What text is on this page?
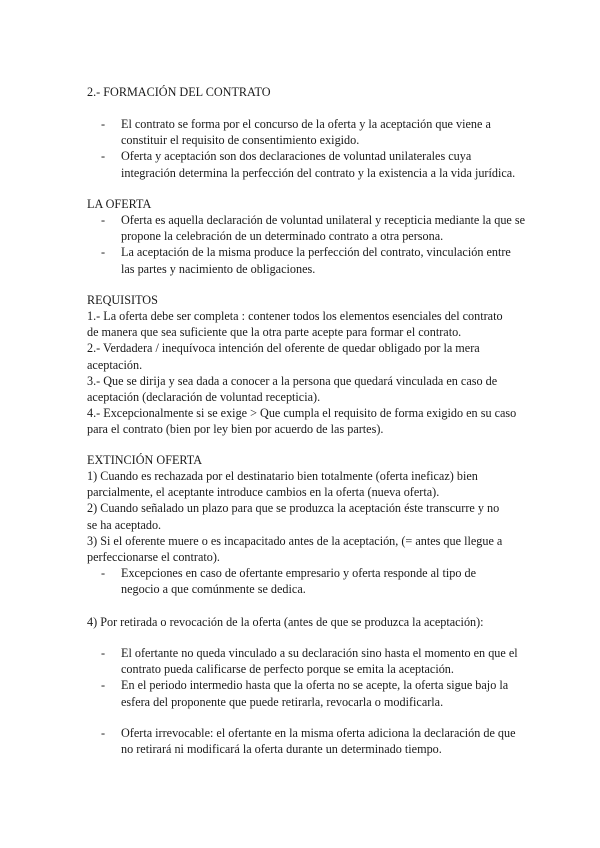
2.- FORMACIÓN DEL CONTRATO
- El contrato se forma por el concurso de la oferta y la aceptación que viene a constituir el requisito de consentimiento exigido.
- Oferta y aceptación son dos declaraciones de voluntad unilaterales cuya integración determina la perfección del contrato y la existencia a la vida jurídica.
LA OFERTA
- Oferta es aquella declaración de voluntad unilateral y recepticia mediante la que se propone la celebración de un determinado contrato a otra persona.
- La aceptación de la misma produce la perfección del contrato, vinculación entre las partes y nacimiento de obligaciones.
REQUISITOS

1.- La oferta debe ser completa : contener todos los elementos esenciales del contrato de manera que sea suficiente que la otra parte acepte para formar el contrato.

2.- Verdadera / inequívoca intención del oferente de quedar obligado por la mera aceptación.

3.- Que se dirija y sea dada a conocer a la persona que quedará vinculada en caso de aceptación (declaración de voluntad recepticia).

4.- Excepcionalmente si se exige > Que cumpla el requisito de forma exigido en su caso para el contrato (bien por ley bien por acuerdo de las partes).

EXTINCIÓN OFERTA

1) Cuando es rechazada por el destinatario bien totalmente (oferta ineficaz) bien parcialmente, el aceptante introduce cambios en la oferta (nueva oferta).

2) Cuando señalado un plazo para que se produzca la aceptación éste transcurre y no se ha aceptado.

3) Si el oferente muere o es incapacitado antes de la aceptación, (= antes que llegue a perfeccionarse el contrato).

- Excepciones en caso de ofertante empresario y oferta responde al tipo de negocio a que comúnmente se dedica.
4) Por retirada o revocación de la oferta (antes de que se produzca la aceptación):
- El ofertante no queda vinculado a su declaración sino hasta el momento en que el contrato pueda calificarse de perfecto porque se emita la aceptación.
- En el periodo intermedio hasta que la oferta no se acepte, la oferta sigue bajo la esfera del proponente que puede retirarla, revocarla o modificarla.
- Oferta irrevocable: el ofertante en la misma oferta adiciona la declaración de que no retirará ni modificará la oferta durante un determinado tiempo.
